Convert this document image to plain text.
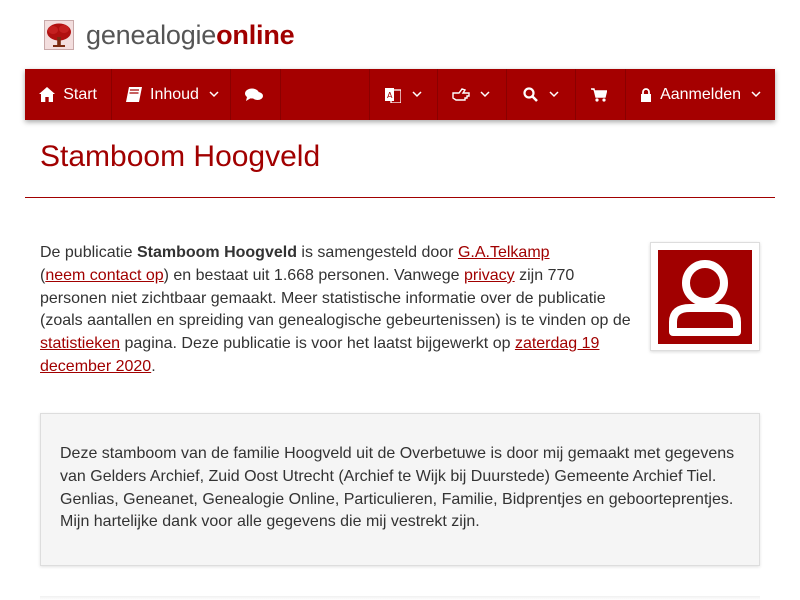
genealogieonline
Start	Inhoud	A	Aanmelden
Stamboom Hoogveld

De publicatie Stamboom Hoogveld is samengesteld door G.A.Telkamp
(neem contact op) en bestaat uit 1.668 personen. Vanwege privacy zijn 770 personen niet zichtbaar gemaakt. Meer statistische informatie over de publicatie (zoals aantallen en spreiding van genealogische gebeurtenissen) is te vinden op de statistieken pagina. Deze publicatie is voor het laatst bijgewerkt op zaterdag 19 december 2020.

Deze stamboom van de familie Hoogveld uit de Overbetuwe is door mij gemaakt met gegevens van Gelders Archief, Zuid Oost Utrecht (Archief te Wijk bij Duurstede) Gemeente Archief Tiel. Genlias, Geneanet, Genealogie Online, Particulieren, Familie, Bidprentjes en geboorteprentjes. Mijn hartelijke dank voor alle gegevens die mij vestrekt zijn.
